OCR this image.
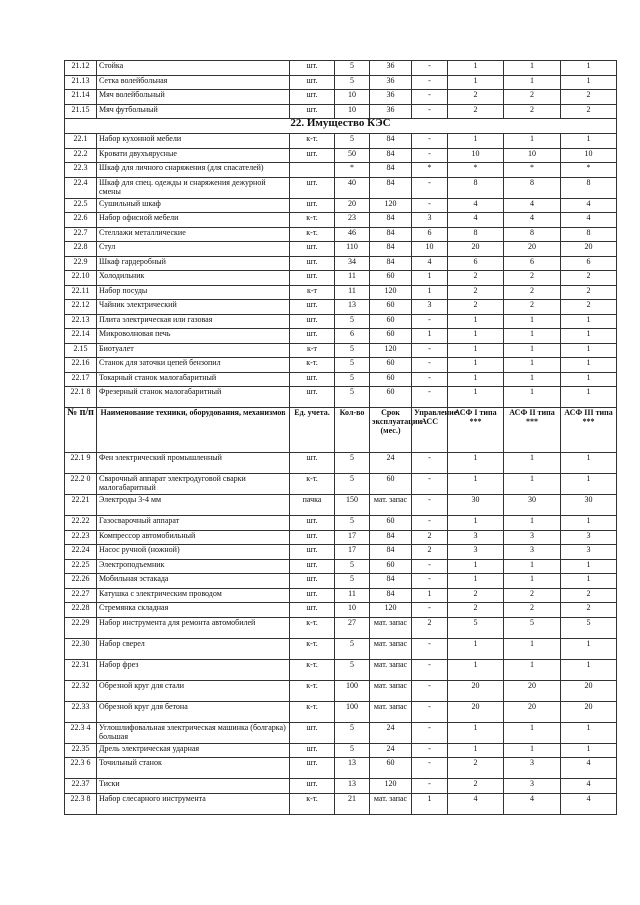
21.12	Стойка	шт.	5	36	-	1	1	1
21.13	Сетка волейбольная	шт.	5	36	-	1	1	1
21.14	Мяч волейбольный	шт.	10	36	-	2	2	2
21.15	Мяч футбольный	шт.	10	36	-	2	2	2
22. Имущество КЭС								
22.1	Набор кухонной мебели	к-т.	5	84	-	1	1	1
22.2	Кровати двухъярусные	шт.	50	84	-	10	10	10
22.3	Шкаф для личного снаряжения (для спасателей)		*	84	*	*	*	*
22.4	Шкаф для спец. одежды и снаряжения дежурной смены	шт.	40	84	-	8	8	8
22.5	Сушильный шкаф	шт.	20	120	-	4	4	4
22.6	Набор офисной мебели	к-т.	23	84	3	4	4	4
22.7	Стеллажи металлические	к-т.	46	84	6	8	8	8
22.8	Стул	шт.	110	84	10	20	20	20
22.9	Шкаф гардеробный	шт.	34	84	4	6	6	6
22.10	Холодильник	шт.	11	60	1	2	2	2
22.11	Набор посуды	к-т	11	120	1	2	2	2
22.12	Чайник электрический	шт.	13	60	3	2	2	2
22.13	Плита электрическая или газовая	шт.	5	60	-	1	1	1
22.14	Микроволновая печь	шт.	6	60	1	1	1	1
2.15	Биотуалет	к-т	5	120	-	1	1	1
22.16	Станок для заточки цепей бензопил	к-т.	5	60	-	1	1	1
22.17	Токарный станок малогабаритный	шт.	5	60	-	1	1	1
22.1 8	Фрезерный станок малогабаритный	шт.	5	60	-	1	1	1
№ п/п	Наименование техники, оборудования, механизмов	Ед. учета.	Кол-во	Срок эксплуатации (мес.)	Управление АСС	АСФ I типа ***	АСФ II типа ***	АСФ III типа ***
22.1 9	Фен электрический промышленный	шт.	5	24	-	1	1	1
22.2 0	Сварочный аппарат электродуговой сварки малогабаритный	к-т.	5	60	-	1	1	1
22.21	Электроды 3-4 мм	пачка	150	мат. запас	-	30	30	30
22.22	Газосварочный аппарат	шт.	5	60	-	1	1	1
22.23	Компрессор автомобильный	шт.	17	84	2	3	3	3
22.24	Насос ручной (ножной)	шт.	17	84	2	3	3	3
22.25	Электроподъемник	шт.	5	60	-	1	1	1
22.26	Мобильная эстакада	шт.	5	84	-	1	1	1
22.27	Катушка с электрическим проводом	шт.	11	84	1	2	2	2
22.28	Стремянка складная	шт.	10	120	-	2	2	2
22.29	Набор инструмента для ремонта автомобилей	к-т.	27	мат. запас	2	5	5	5
22.30	Набор сверел	к-т.	5	мат. запас	-	1	1	1
22.31	Набор фрез	к-т.	5	мат. запас	-	1	1	1
22.32	Обрезной круг для стали	к-т.	100	мат. запас	-	20	20	20
22.33	Обрезной круг для бетона	к-т.	100	мат. запас	-	20	20	20
22.3 4	Углошлифовальная электрическая машинка (болгарка) большая	шт.	5	24	-	1	1	1
22.35	Дрель электрическая ударная	шт.	5	24	-	1	1	1
22.3 6	Точильный станок	шт.	13	60	-	2	3	4
22.37	Тиски	шт.	13	120	-	2	3	4
22.3 8	Набор слесарного инструмента	к-т.	21	мат. запас	1	4	4	4
